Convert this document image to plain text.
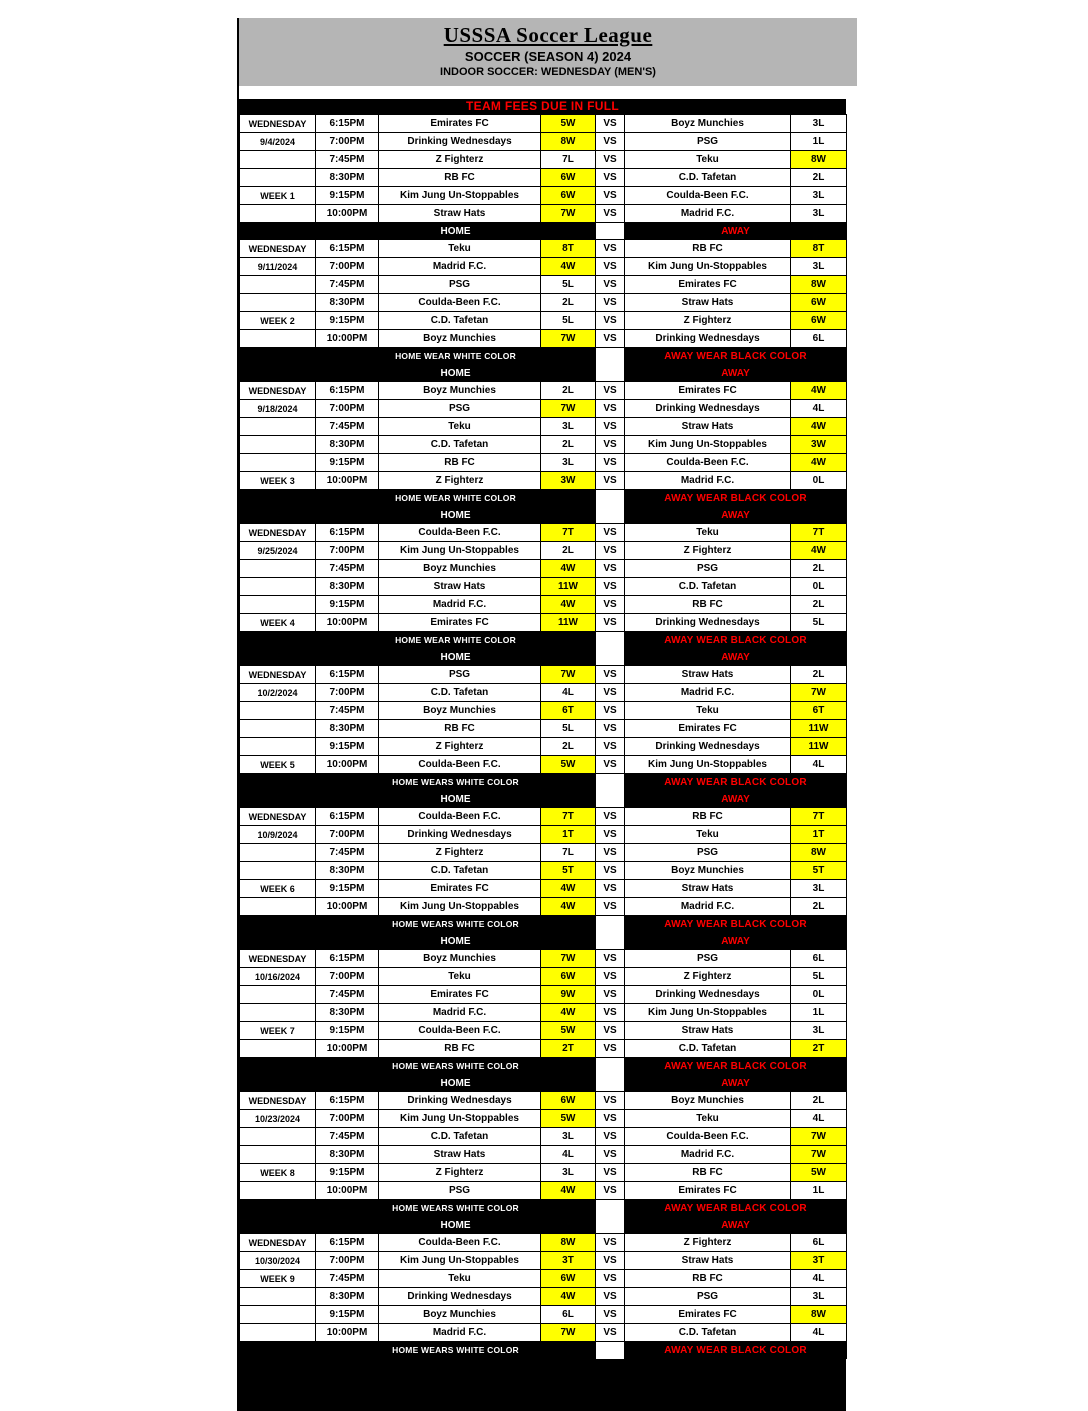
USSSA Soccer League
SOCCER (SEASON 4) 2024
INDOOR SOCCER: WEDNESDAY (MEN'S)
TEAM FEES DUE IN FULL
WEDNESDAY	6:15PM	Emirates FC	5W	VS	Boyz Munchies	3L
9/4/2024	7:00PM	Drinking Wednesdays	8W	VS	PSG	1L
	7:45PM	Z Fighterz	7L	VS	Teku	8W
	8:30PM	RB FC	6W	VS	C.D. Tafetan	2L
WEEK 1	9:15PM	Kim Jung Un-Stoppables	6W	VS	Coulda-Been F.C.	3L
	10:00PM	Straw Hats	7W	VS	Madrid F.C.	3L
	HOME				AWAY	
WEDNESDAY	6:15PM	Teku	8T	VS	RB FC	8T
9/11/2024	7:00PM	Madrid F.C.	4W	VS	Kim Jung Un-Stoppables	3L
	7:45PM	PSG	5L	VS	Emirates FC	8W
	8:30PM	Coulda-Been F.C.	2L	VS	Straw Hats	6W
WEEK 2	9:15PM	C.D. Tafetan	5L	VS	Z Fighterz	6W
	10:00PM	Boyz Munchies	7W	VS	Drinking Wednesdays	6L
	HOME WEAR WHITE COLOR				AWAY WEAR BLACK COLOR	
	HOME				AWAY	
WEDNESDAY	6:15PM	Boyz Munchies	2L	VS	Emirates FC	4W
9/18/2024	7:00PM	PSG	7W	VS	Drinking Wednesdays	4L
	7:45PM	Teku	3L	VS	Straw Hats	4W
	8:30PM	C.D. Tafetan	2L	VS	Kim Jung Un-Stoppables	3W
	9:15PM	RB FC	3L	VS	Coulda-Been F.C.	4W
WEEK 3	10:00PM	Z Fighterz	3W	VS	Madrid F.C.	0L
	HOME WEAR WHITE COLOR				AWAY WEAR BLACK COLOR	
	HOME				AWAY	
WEDNESDAY	6:15PM	Coulda-Been F.C.	7T	VS	Teku	7T
9/25/2024	7:00PM	Kim Jung Un-Stoppables	2L	VS	Z Fighterz	4W
	7:45PM	Boyz Munchies	4W	VS	PSG	2L
	8:30PM	Straw Hats	11W	VS	C.D. Tafetan	0L
	9:15PM	Madrid F.C.	4W	VS	RB FC	2L
WEEK 4	10:00PM	Emirates FC	11W	VS	Drinking Wednesdays	5L
	HOME WEAR WHITE COLOR				AWAY WEAR BLACK COLOR	
	HOME				AWAY	
WEDNESDAY	6:15PM	PSG	7W	VS	Straw Hats	2L
10/2/2024	7:00PM	C.D. Tafetan	4L	VS	Madrid F.C.	7W
	7:45PM	Boyz Munchies	6T	VS	Teku	6T
	8:30PM	RB FC	5L	VS	Emirates FC	11W
	9:15PM	Z Fighterz	2L	VS	Drinking Wednesdays	11W
WEEK 5	10:00PM	Coulda-Been F.C.	5W	VS	Kim Jung Un-Stoppables	4L
	HOME WEARS WHITE COLOR				AWAY WEAR BLACK COLOR	
	HOME				AWAY	
WEDNESDAY	6:15PM	Coulda-Been F.C.	7T	VS	RB FC	7T
10/9/2024	7:00PM	Drinking Wednesdays	1T	VS	Teku	1T
	7:45PM	Z Fighterz	7L	VS	PSG	8W
	8:30PM	C.D. Tafetan	5T	VS	Boyz Munchies	5T
WEEK 6	9:15PM	Emirates FC	4W	VS	Straw Hats	3L
	10:00PM	Kim Jung Un-Stoppables	4W	VS	Madrid F.C.	2L
	HOME WEARS WHITE COLOR				AWAY WEAR BLACK COLOR	
	HOME				AWAY	
WEDNESDAY	6:15PM	Boyz Munchies	7W	VS	PSG	6L
10/16/2024	7:00PM	Teku	6W	VS	Z Fighterz	5L
	7:45PM	Emirates FC	9W	VS	Drinking Wednesdays	0L
	8:30PM	Madrid F.C.	4W	VS	Kim Jung Un-Stoppables	1L
WEEK 7	9:15PM	Coulda-Been F.C.	5W	VS	Straw Hats	3L
	10:00PM	RB FC	2T	VS	C.D. Tafetan	2T
	HOME WEARS WHITE COLOR				AWAY WEAR BLACK COLOR	
	HOME				AWAY	
WEDNESDAY	6:15PM	Drinking Wednesdays	6W	VS	Boyz Munchies	2L
10/23/2024	7:00PM	Kim Jung Un-Stoppables	5W	VS	Teku	4L
	7:45PM	C.D. Tafetan	3L	VS	Coulda-Been F.C.	7W
	8:30PM	Straw Hats	4L	VS	Madrid F.C.	7W
WEEK 8	9:15PM	Z Fighterz	3L	VS	RB FC	5W
	10:00PM	PSG	4W	VS	Emirates FC	1L
	HOME WEARS WHITE COLOR				AWAY WEAR BLACK COLOR	
	HOME				AWAY	
WEDNESDAY	6:15PM	Coulda-Been F.C.	8W	VS	Z Fighterz	6L
10/30/2024	7:00PM	Kim Jung Un-Stoppables	3T	VS	Straw Hats	3T
WEEK 9	7:45PM	Teku	6W	VS	RB FC	4L
	8:30PM	Drinking Wednesdays	4W	VS	PSG	3L
	9:15PM	Boyz Munchies	6L	VS	Emirates FC	8W
	10:00PM	Madrid F.C.	7W	VS	C.D. Tafetan	4L
	HOME WEARS WHITE COLOR				AWAY WEAR BLACK COLOR	
